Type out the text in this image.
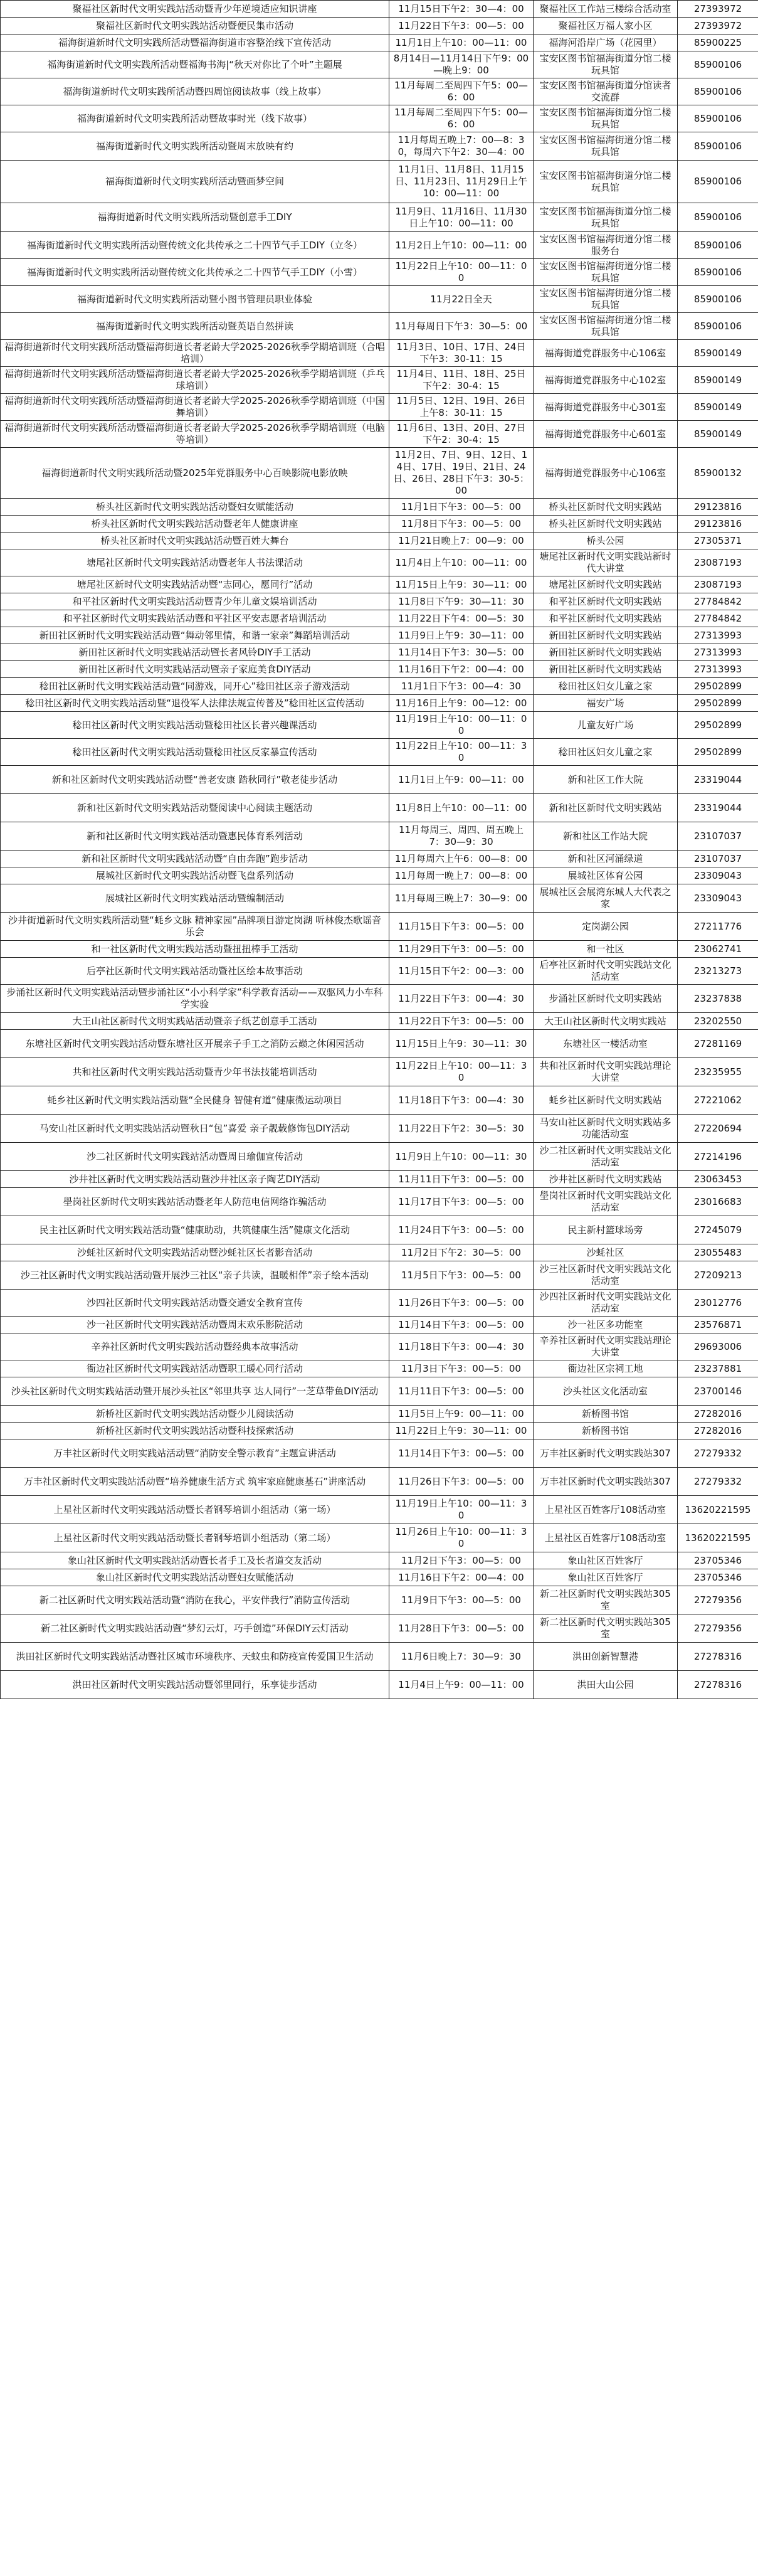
聚福社区新时代文明实践站活动暨青少年逆境适应知识讲座	11月15日下午2：30—4：00	聚福社区工作站三楼综合活动室	27393972
聚福社区新时代文明实践站活动暨便民集市活动	11月22日下午3：00—5：00	聚福社区万福人家小区	27393972
福海街道新时代文明实践所活动暨福海街道市容整治线下宣传活动	11月1日上午10：00—11：00	福海河沿岸广场（花园里）	85900225
福海街道新时代文明实践所活动暨福海书海|“秋天对你比了个叶”主题展	8月14日—11月14日下午9：00—晚上9：00	宝安区图书馆福海街道分馆二楼玩具馆	85900106
福海街道新时代文明实践所活动暨四周馆阅读故事（线上故事）	11月每周二至周四下午5：00—6：00	宝安区图书馆福海街道分馆读者交流群	85900106
福海街道新时代文明实践所活动暨故事时光（线下故事）	11月每周二至周四下午5：00—6：00	宝安区图书馆福海街道分馆二楼玩具馆	85900106
福海街道新时代文明实践所活动暨周末放映有约	11月每周五晚上7：00—8：30，每周六下午2：30—4：00	宝安区图书馆福海街道分馆二楼玩具馆	85900106
福海街道新时代文明实践所活动暨画梦空间	11月1日、11月8日、11月15日、11月23日、11月29日上午10：00—11：00	宝安区图书馆福海街道分馆二楼玩具馆	85900106
福海街道新时代文明实践所活动暨创意手工DIY	11月9日、11月16日、11月30日上午10：00—11：00	宝安区图书馆福海街道分馆二楼玩具馆	85900106
福海街道新时代文明实践所活动暨传统文化共传承之二十四节气手工DIY（立冬）	11月2日上午10：00—11：00	宝安区图书馆福海街道分馆二楼服务台	85900106
福海街道新时代文明实践所活动暨传统文化共传承之二十四节气手工DIY（小雪）	11月22日上午10：00—11：00	宝安区图书馆福海街道分馆二楼玩具馆	85900106
福海街道新时代文明实践所活动暨小图书管理员职业体验	11月22日全天	宝安区图书馆福海街道分馆二楼玩具馆	85900106
福海街道新时代文明实践所活动暨英语自然拼读	11月每周日下午3：30—5：00	宝安区图书馆福海街道分馆二楼玩具馆	85900106
福海街道新时代文明实践所活动暨福海街道长者老龄大学2025-2026秋季学期培训班（合唱培训）	11月3日、10日、17日、24日下午3：30-11：15	福海街道党群服务中心106室	85900149
福海街道新时代文明实践所活动暨福海街道长者老龄大学2025-2026秋季学期培训班（乒乓球培训）	11月4日、11日、18日、25日下午2：30-4：15	福海街道党群服务中心102室	85900149
福海街道新时代文明实践所活动暨福海街道长者老龄大学2025-2026秋季学期培训班（中国舞培训）	11月5日、12日、19日、26日上午8：30-11：15	福海街道党群服务中心301室	85900149
福海街道新时代文明实践所活动暨福海街道长者老龄大学2025-2026秋季学期培训班（电脑等培训）	11月6日、13日、20日、27日下午2：30-4：15	福海街道党群服务中心601室	85900149
福海街道新时代文明实践所活动暨2025年党群服务中心百映影院电影放映	11月2日、7日、9日、12日、14日、17日、19日、21日、24日、26日、28日下午3：30-5：00	福海街道党群服务中心106室	85900132
桥头社区新时代文明实践站活动暨妇女赋能活动	11月1日下午3：00—5：00	桥头社区新时代文明实践站	29123816
桥头社区新时代文明实践站活动暨老年人健康讲座	11月8日下午3：00—5：00	桥头社区新时代文明实践站	29123816
桥头社区新时代文明实践站活动暨百姓大舞台	11月21日晚上7：00—9：00	桥头公园	27305371
塘尾社区新时代文明实践站活动暨老年人书法课活动	11月4日上午10：00—11：00	塘尾社区新时代文明实践站新时代大讲堂	23087193
塘尾社区新时代文明实践站活动暨“志同心，愿同行”活动	11月15日上午9：30—11：00	塘尾社区新时代文明实践站	23087193
和平社区新时代文明实践站活动暨青少年儿童文娱培训活动	11月8日下午9：30—11：30	和平社区新时代文明实践站	27784842
和平社区新时代文明实践站活动暨和平社区平安志愿者培训活动	11月22日下午4：00—5：30	和平社区新时代文明实践站	27784842
新田社区新时代文明实践站活动暨“舞动邻里情，和谐一家亲”舞蹈培训活动	11月9日上午9：30—11：00	新田社区新时代文明实践站	27313993
新田社区新时代文明实践站活动暨长者风铃DIY手工活动	11月14日下午3：30—5：00	新田社区新时代文明实践站	27313993
新田社区新时代文明实践站活动暨亲子家庭美食DIY活动	11月16日下午2：00—4：00	新田社区新时代文明实践站	27313993
稔田社区新时代文明实践站活动暨“同游戏，同开心”稔田社区亲子游戏活动	11月1日下午3：00—4：30	稔田社区妇女儿童之家	29502899
稔田社区新时代文明实践站活动暨“退役军人法律法规宣传普及”稔田社区宣传活动	11月16日上午9：00—12：00	福安广场	29502899
稔田社区新时代文明实践站活动暨稔田社区长者兴趣课活动	11月19日上午10：00—11：00	儿童友好广场	29502899
稔田社区新时代文明实践站活动暨稔田社区反家暴宣传活动	11月22日上午10：00—11：30	稔田社区妇女儿童之家	29502899
新和社区新时代文明实践站活动暨“善老安康 踏秋同行”敬老徒步活动	11月1日上午9：00—11：00	新和社区工作大院	23319044
新和社区新时代文明实践站活动暨阅读中心阅读主题活动	11月8日上午10：00—11：00	新和社区新时代文明实践站	23319044
新和社区新时代文明实践站活动暨惠民体育系列活动	11月每周三、周四、周五晚上7：30—9：30	新和社区工作站大院	23107037
新和社区新时代文明实践站活动暨“自由奔跑”跑步活动	11月每周六上午6：00—8：00	新和社区河涌绿道	23107037
展城社区新时代文明实践站活动暨飞盘系列活动	11月每周一晚上7：00—8：00	展城社区体育公园	23309043
展城社区新时代文明实践站活动暨编制活动	11月每周三晚上7：30—9：00	展城社区会展湾东城人大代表之家	23309043
沙井街道新时代文明实践所活动暨“蚝乡文脉 精神家园”品牌项目游定岗湖 听林俊杰歌谣音乐会	11月15日下午3：00—5：00	定岗湖公园	27211776
和一社区新时代文明实践站活动暨扭扭棒手工活动	11月29日下午3：00—5：00	和一社区	23062741
后亭社区新时代文明实践站活动暨社区绘本故事活动	11月15日下午2：00—3：00	后亭社区新时代文明实践站文化活动室	23213273
步涌社区新时代文明实践站活动暨步涌社区“小小科学家”科学教育活动——双驱风力小车科学实验	11月22日下午3：00—4：30	步涌社区新时代文明实践站	23237838
大王山社区新时代文明实践站活动暨亲子纸艺创意手工活动	11月22日下午3：00—5：00	大王山社区新时代文明实践站	23202550
东塘社区新时代文明实践站活动暨东塘社区开展亲子手工之消防云巅之休闲园活动	11月15日上午9：30—11：30	东塘社区一楼活动室	27281169
共和社区新时代文明实践站活动暨青少年书法技能培训活动	11月22日上午10：00—11：30	共和社区新时代文明实践站理论大讲堂	23235955
蚝乡社区新时代文明实践站活动暨“全民健身 智健有道”健康微运动项目	11月18日下午3：00—4：30	蚝乡社区新时代文明实践站	27221062
马安山社区新时代文明实践站活动暨秋日“包”喜爱 亲子靓载修饰包DIY活动	11月22日下午2：30—5：30	马安山社区新时代文明实践站多功能活动室	27220694
沙二社区新时代文明实践站活动暨周日瑜伽宣传活动	11月9日上午10：00—11：30	沙二社区新时代文明实践站文化活动室	27214196
沙井社区新时代文明实践站活动暨沙井社区亲子陶艺DIY活动	11月11日下午3：00—5：00	沙井社区新时代文明实践站	23063453
壆岗社区新时代文明实践站活动暨老年人防范电信网络诈骗活动	11月17日下午3：00—5：00	壆岗社区新时代文明实践站文化活动室	23016683
民主社区新时代文明实践站活动暨“健康助动，共筑健康生活”健康文化活动	11月24日下午3：00—5：00	民主新村篮球场旁	27245079
沙蚝社区新时代文明实践站活动暨沙蚝社区长者影音活动	11月2日下午2：30—5：00	沙蚝社区	23055483
沙三社区新时代文明实践站活动暨开展沙三社区“亲子共读，温暖相伴”亲子绘本活动	11月5日下午3：00—5：00	沙三社区新时代文明实践站文化活动室	27209213
沙四社区新时代文明实践站活动暨交通安全教育宣传	11月26日下午3：00—5：00	沙四社区新时代文明实践站文化活动室	23012776
沙一社区新时代文明实践站活动暨周末欢乐影院活动	11月14日下午3：00—5：00	沙一社区多功能室	23576871
辛养社区新时代文明实践站活动暨经典本故事活动	11月18日下午3：00—4：30	辛养社区新时代文明实践站理论大讲堂	29693006
衙边社区新时代文明实践站活动暨职工暖心同行活动	11月3日下午3：00—5：00	衙边社区宗祠工地	23237881
沙头社区新时代文明实践站活动暨开展沙头社区“邻里共享 达人同行”一芝草带鱼DIY活动	11月11日下午3：00—5：00	沙头社区文化活动室	23700146
新桥社区新时代文明实践站活动暨少儿阅读活动	11月5日上午9：00—11：00	新桥图书馆	27282016
新桥社区新时代文明实践站活动暨科技探索活动	11月22日上午9：30—11：00	新桥图书馆	27282016
万丰社区新时代文明实践站活动暨“消防安全警示教育”主题宣讲活动	11月14日下午3：00—5：00	万丰社区新时代文明实践站307	27279332
万丰社区新时代文明实践站活动暨“培养健康生活方式 筑牢家庭健康基石”讲座活动	11月26日下午3：00—5：00	万丰社区新时代文明实践站307	27279332
上星社区新时代文明实践站活动暨长者钢琴培训小组活动（第一场）	11月19日上午10：00—11：30	上星社区百姓客厅108活动室	13620221595
上星社区新时代文明实践站活动暨长者钢琴培训小组活动（第二场）	11月26日上午10：00—11：30	上星社区百姓客厅108活动室	13620221595
象山社区新时代文明实践站活动暨长者手工及长者道交友活动	11月2日下午3：00—5：00	象山社区百姓客厅	23705346
象山社区新时代文明实践站活动暨妇女赋能活动	11月16日下午2：00—4：00	象山社区百姓客厅	23705346
新二社区新时代文明实践站活动暨“消防在我心，平安伴我行”消防宣传活动	11月9日下午3：00—5：00	新二社区新时代文明实践站305室	27279356
新二社区新时代文明实践站活动暨“梦幻云灯，巧手创造”环保DIY云灯活动	11月28日下午3：00—5：00	新二社区新时代文明实践站305室	27279356
洪田社区新时代文明实践站活动暨社区城市环境秩序、天蚊虫和防疫宣传爱国卫生活动	11月6日晚上7：30—9：30	洪田创新智慧港	27278316
洪田社区新时代文明实践站活动暨邻里同行，乐享徒步活动	11月4日上午9：00—11：00	洪田大山公园	27278316
